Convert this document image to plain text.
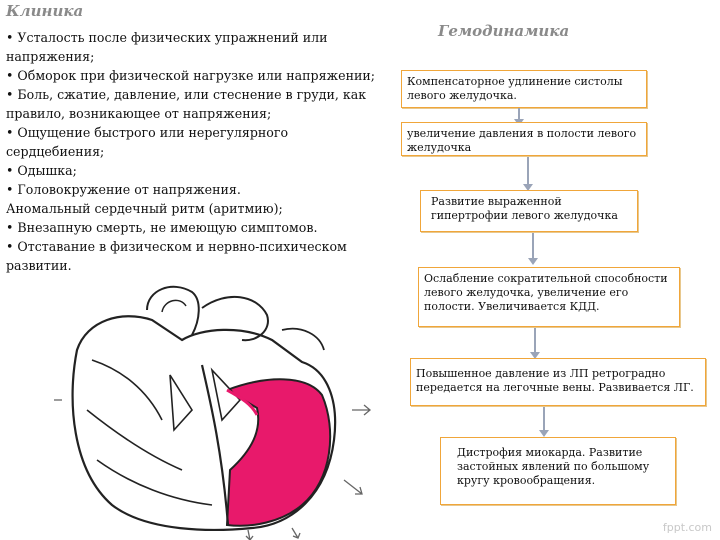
Клиника
• Усталость после физических упражнений или напряжения;
• Обморок при физической нагрузке или напряжении;
• Боль, сжатие, давление, или стеснение в груди, как правило, возникающее от напряжения;
• Ощущение быстрого или нерегулярного сердцебиения;
• Одышка;
• Головокружение от напряжения.
Аномальный сердечный ритм (аритмию);
• Внезапную смерть, не имеющую симптомов.
• Отставание в физическом и нервно-психическом развитии.
Гемодинамика
Компенсаторное удлинение систолы левого желудочка.
увеличение давления в полости левого желудочка
Развитие выраженной гипертрофии левого желудочка
Ослабление сократительной способности левого желудочка, увеличение его полости. Увеличивается КДД.
Повышенное давление из ЛП ретроградно передается на легочные вены. Развивается ЛГ.
Дистрофия миокарда. Развитие застойных явлений по большому кругу кровообращения.
fppt.com
